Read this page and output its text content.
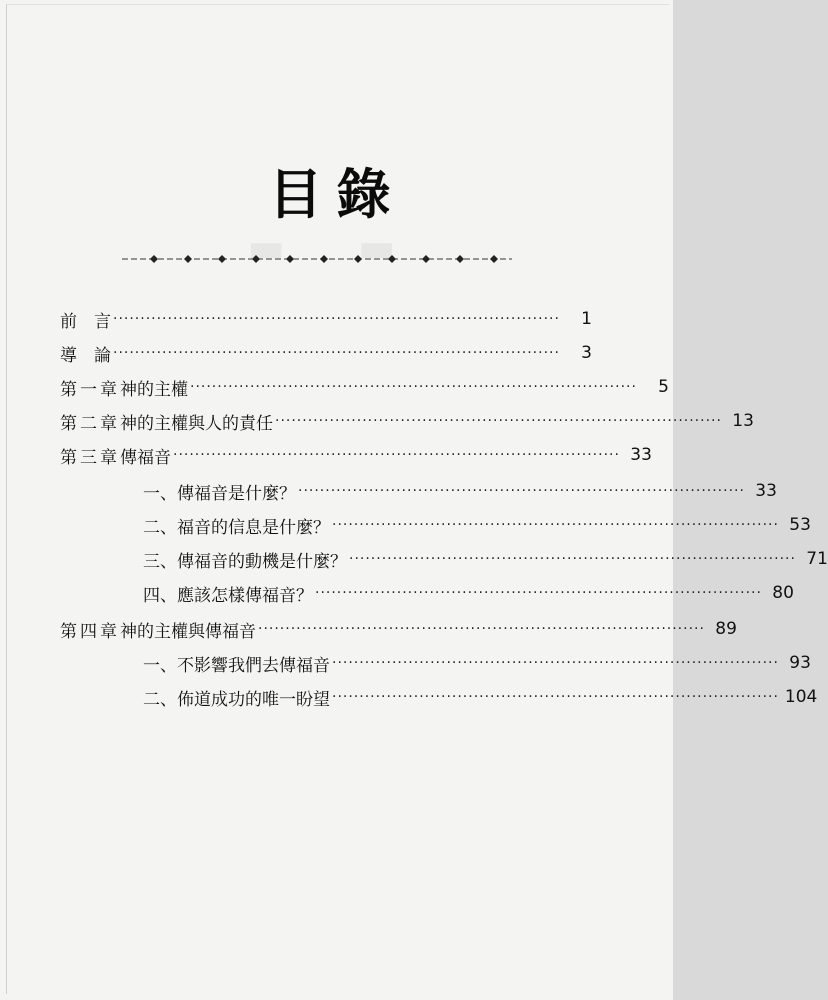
▬ ▬
目錄
前　言 ··················································································	1
導　論 ··················································································	3
第一章 神的主權 ··················································································	5
第二章 神的主權與人的責任 ·················································································· 13
第三章 傳福音 ·················································································· 33
一、傳福音是什麼？ ·················································································· 33
二、福音的信息是什麼？ ·················································································· 53
三、傳福音的動機是什麼？ ·················································································· 71
四、應該怎樣傳福音？ ·················································································· 80
第四章 神的主權與傳福音 ·················································································· 89
一、不影響我們去傳福音 ·················································································· 93
二、佈道成功的唯一盼望 ·················································································· 104
